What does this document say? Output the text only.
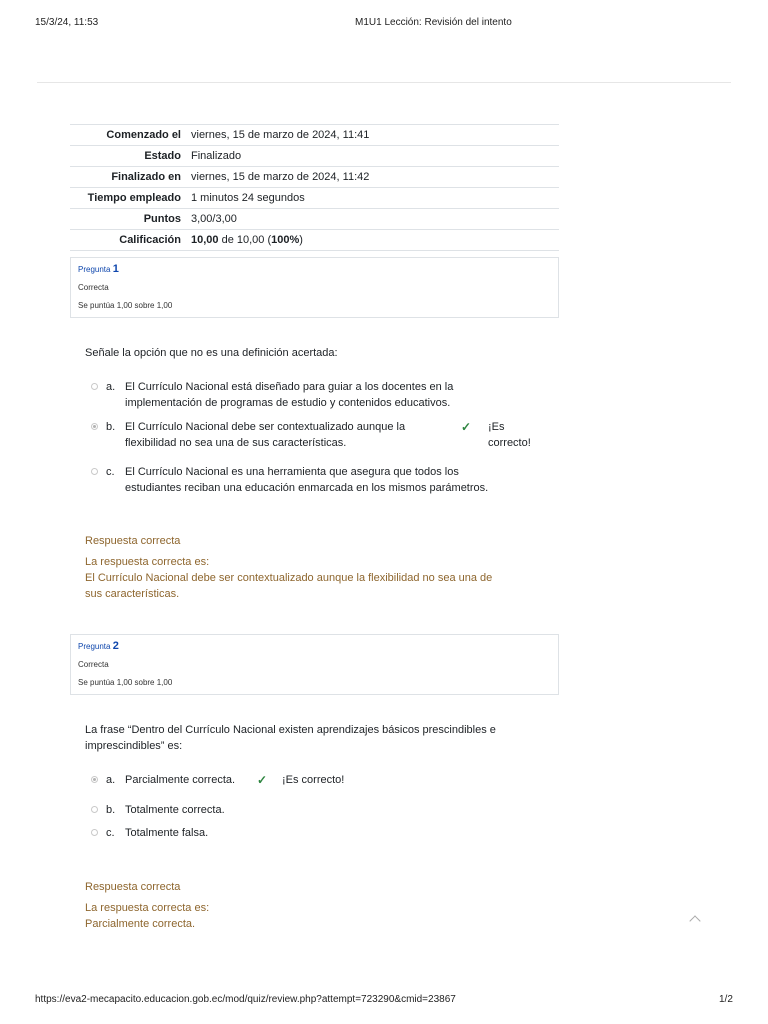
15/3/24, 11:53	M1U1 Lección: Revisión del intento
Comenzado el	viernes, 15 de marzo de 2024, 11:41
Estado	Finalizado
Finalizado en	viernes, 15 de marzo de 2024, 11:42
Tiempo empleado	1 minutos 24 segundos
Puntos	3,00/3,00
Calificación	10,00 de 10,00 (100%)
Pregunta 1
Correcta
Se puntúa 1,00 sobre 1,00
Señale la opción que no es una definición acertada:
a. El Currículo Nacional está diseñado para guiar a los docentes en la
implementación de programas de estudio y contenidos educativos.
b. El Currículo Nacional debe ser contextualizado aunque la
flexibilidad no sea una de sus características.
✓ ¡Es
correcto!
c. El Currículo Nacional es una herramienta que asegura que todos los
estudiantes reciban una educación enmarcada en los mismos parámetros.
Respuesta correcta
La respuesta correcta es:
El Currículo Nacional debe ser contextualizado aunque la flexibilidad no sea una de
sus características.
Pregunta 2
Correcta
Se puntúa 1,00 sobre 1,00
La frase “Dentro del Currículo Nacional existen aprendizajes básicos prescindibles e
imprescindibles” es:
a. Parcialmente correcta. ✓ ¡Es correcto!
b. Totalmente correcta.
c. Totalmente falsa.
Respuesta correcta
La respuesta correcta es:
Parcialmente correcta.
https://eva2-mecapacito.educacion.gob.ec/mod/quiz/review.php?attempt=723290&cmid=23867	1/2
